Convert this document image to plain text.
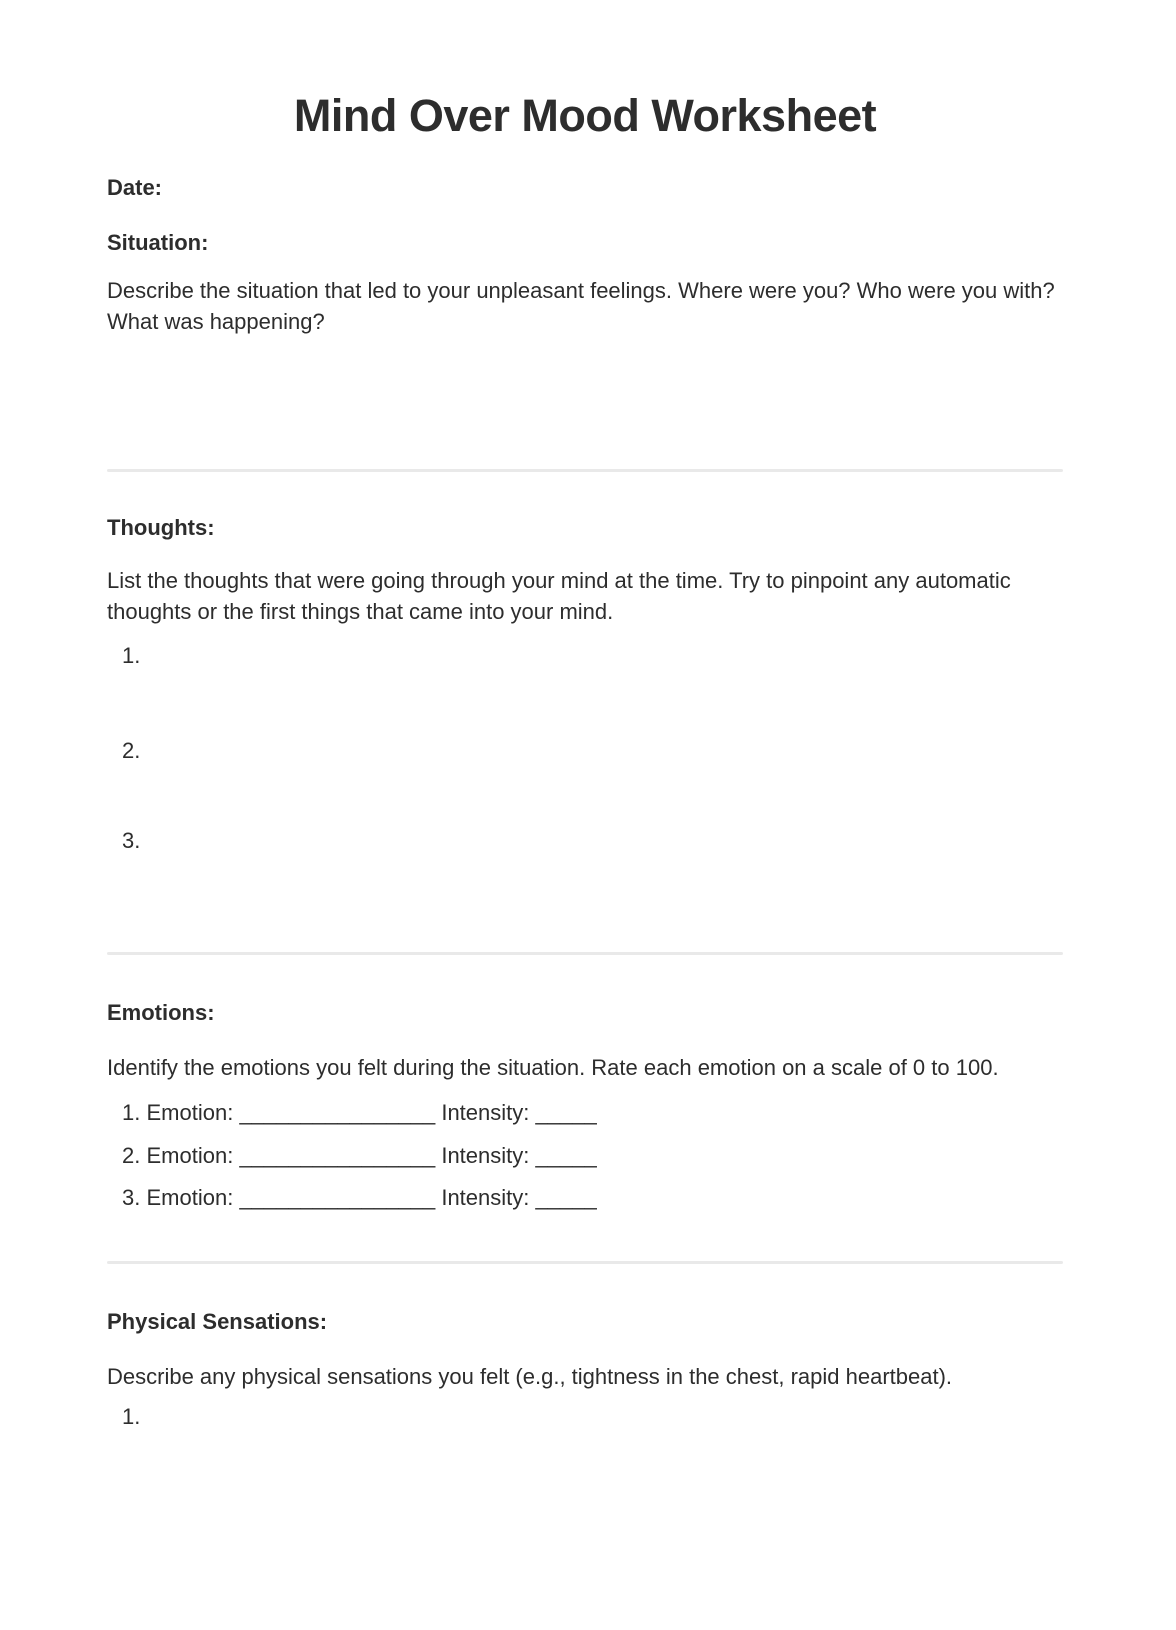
Mind Over Mood Worksheet
Date:
Situation:
Describe the situation that led to your unpleasant feelings. Where were you? Who were you with? What was happening?
Thoughts:
List the thoughts that were going through your mind at the time. Try to pinpoint any automatic thoughts or the first things that came into your mind.
1.
2.
3.
Emotions:
Identify the emotions you felt during the situation. Rate each emotion on a scale of 0 to 100.
1. Emotion: ________________ Intensity: _____
2. Emotion: ________________ Intensity: _____
3. Emotion: ________________ Intensity: _____
Physical Sensations:
Describe any physical sensations you felt (e.g., tightness in the chest, rapid heartbeat).
1.
